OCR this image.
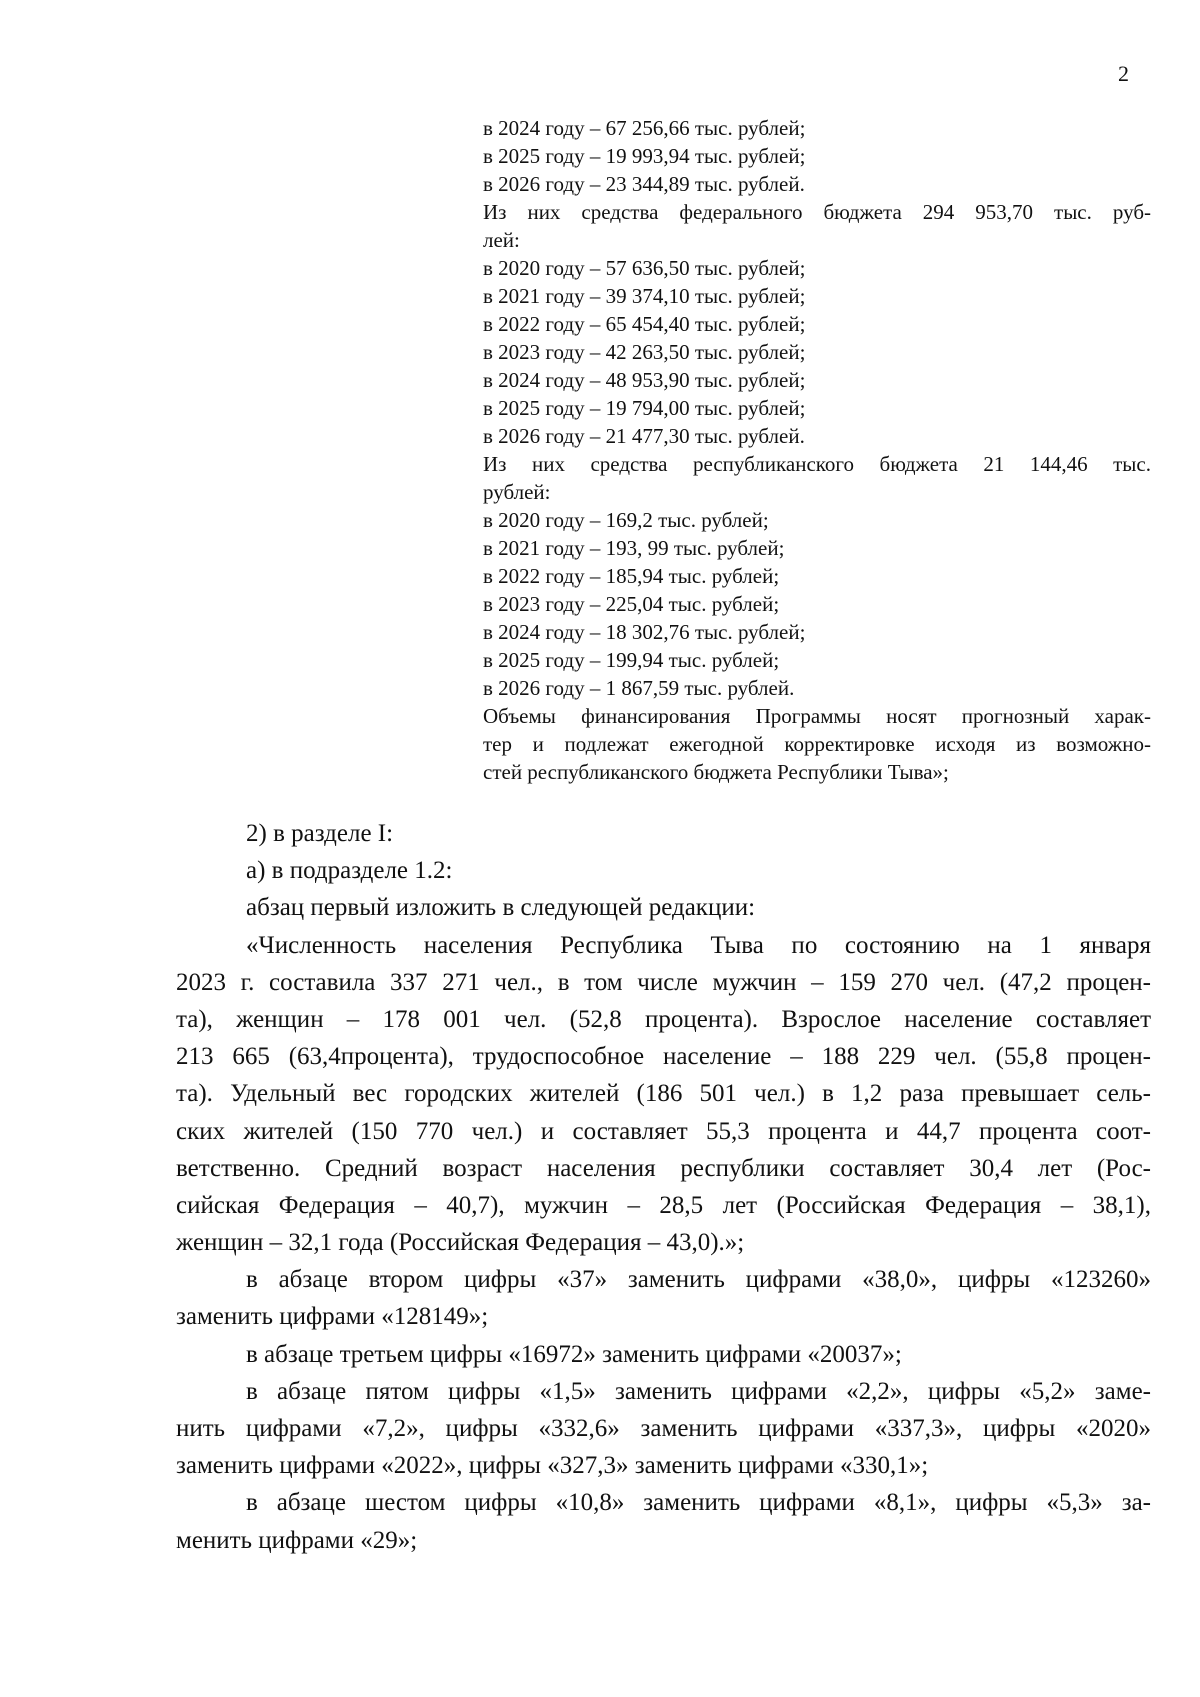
2
в 2024 году – 67 256,66 тыс. рублей;
в 2025 году – 19 993,94 тыс. рублей;
в 2026 году – 23 344,89 тыс. рублей.
Из них средства федерального бюджета 294 953,70 тыс. руб-
лей:
в 2020 году – 57 636,50 тыс. рублей;
в 2021 году – 39 374,10 тыс. рублей;
в 2022 году – 65 454,40 тыс. рублей;
в 2023 году – 42 263,50 тыс. рублей;
в 2024 году – 48 953,90 тыс. рублей;
в 2025 году – 19 794,00 тыс. рублей;
в 2026 году – 21 477,30 тыс. рублей.
Из них средства республиканского бюджета 21 144,46 тыс.
рублей:
в 2020 году – 169,2 тыс. рублей;
в 2021 году – 193, 99 тыс. рублей;
в 2022 году – 185,94 тыс. рублей;
в 2023 году – 225,04 тыс. рублей;
в 2024 году – 18 302,76 тыс. рублей;
в 2025 году – 199,94 тыс. рублей;
в 2026 году – 1 867,59 тыс. рублей.
Объемы финансирования Программы носят прогнозный харак-
тер и подлежат ежегодной корректировке исходя из возможно-
стей республиканского бюджета Республики Тыва»;
2) в разделе I:
а) в подразделе 1.2:
абзац первый изложить в следующей редакции:
«Численность населения Республика Тыва по состоянию на 1 января
2023 г. составила 337 271 чел., в том числе мужчин – 159 270 чел. (47,2 процен-
та), женщин – 178 001 чел. (52,8 процента). Взрослое население составляет
213 665 (63,4процента), трудоспособное население – 188 229 чел. (55,8 процен-
та). Удельный вес городских жителей (186 501 чел.) в 1,2 раза превышает сель-
ских жителей (150 770 чел.) и составляет 55,3 процента и 44,7 процента соот-
ветственно. Средний возраст населения республики составляет 30,4 лет (Рос-
сийская Федерация – 40,7), мужчин – 28,5 лет (Российская Федерация – 38,1),
женщин – 32,1 года (Российская Федерация – 43,0).»;
в абзаце втором цифры «37» заменить цифрами «38,0», цифры «123260»
заменить цифрами «128149»;
в абзаце третьем цифры «16972» заменить цифрами «20037»;
в абзаце пятом цифры «1,5» заменить цифрами «2,2», цифры «5,2» заме-
нить цифрами «7,2», цифры «332,6» заменить цифрами «337,3», цифры «2020»
заменить цифрами «2022», цифры «327,3» заменить цифрами «330,1»;
в абзаце шестом цифры «10,8» заменить цифрами «8,1», цифры «5,3» за-
менить цифрами «29»;
